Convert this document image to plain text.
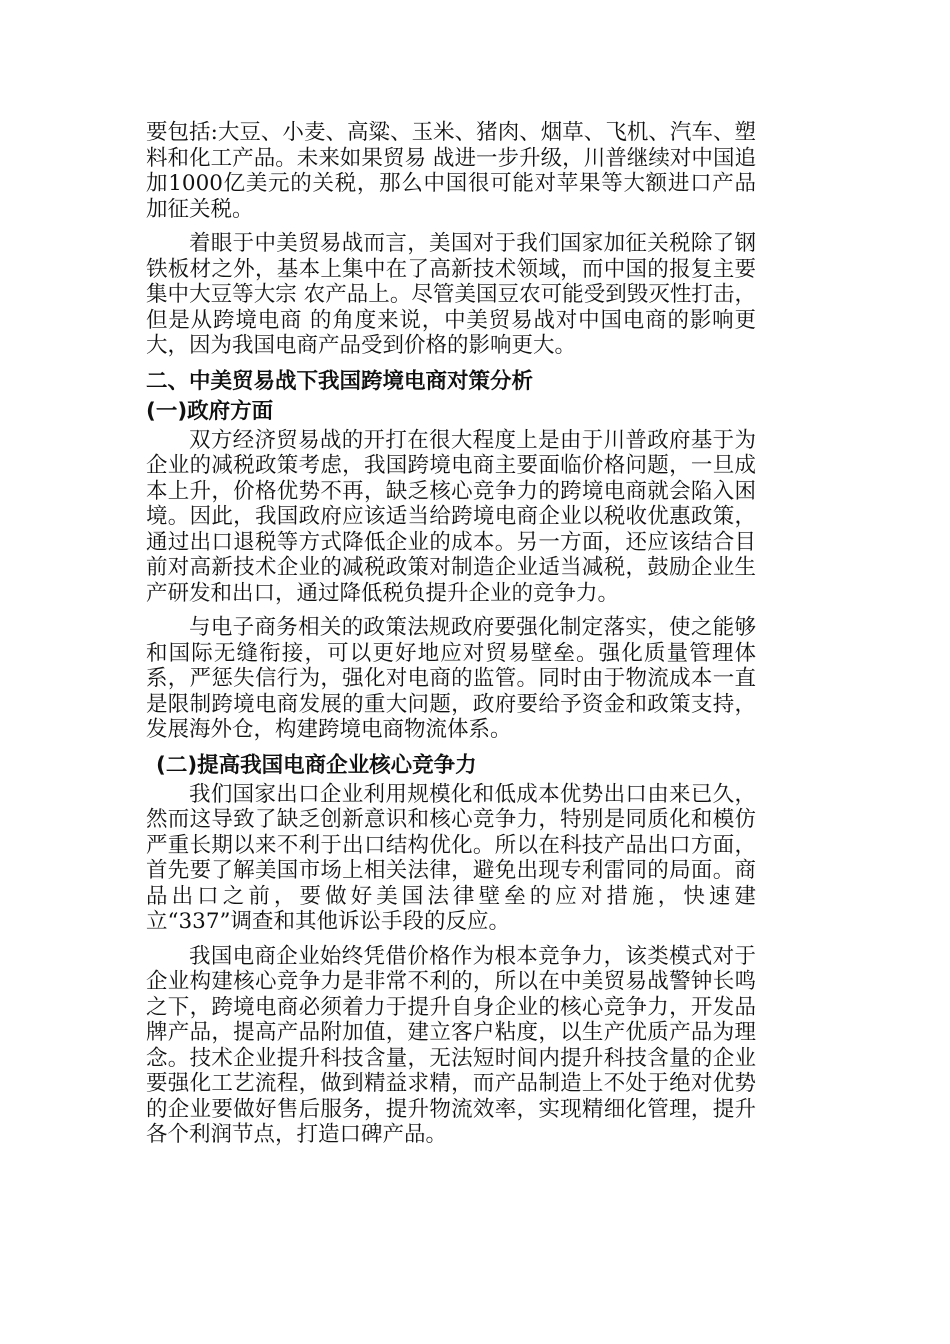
要包括:大豆、小麦、高粱、玉米、猪肉、烟草、飞机、汽车、塑料和化工产品。未来如果贸易 战进一步升级，川普继续对中国追加1000亿美元的关税，那么中国很可能对苹果等大额进口产品加征关税。

着眼于中美贸易战而言，美国对于我们国家加征关税除了钢铁板材之外，基本上集中在了高新技术领域，而中国的报复主要集中大豆等大宗 农产品上。尽管美国豆农可能受到毁灭性打击，但是从跨境电商 的角度来说，中美贸易战对中国电商的影响更大，因为我国电商产品受到价格的影响更大。

二、中美贸易战下我国跨境电商对策分析
(一)政府方面

双方经济贸易战的开打在很大程度上是由于川普政府基于为企业的减税政策考虑，我国跨境电商主要面临价格问题，一旦成本上升，价格优势不再，缺乏核心竞争力的跨境电商就会陷入困境。因此，我国政府应该适当给跨境电商企业以税收优惠政策，通过出口退税等方式降低企业的成本。另一方面，还应该结合目前对高新技术企业的减税政策对制造企业适当减税，鼓励企业生产研发和出口，通过降低税负提升企业的竞争力。

与电子商务相关的政策法规政府要强化制定落实，使之能够和国际无缝衔接，可以更好地应对贸易壁垒。强化质量管理体系，严惩失信行为，强化对电商的监管。同时由于物流成本一直是限制跨境电商发展的重大问题，政府要给予资金和政策支持，发展海外仓，构建跨境电商物流体系。

(二)提高我国电商企业核心竞争力

我们国家出口企业利用规模化和低成本优势出口由来已久，然而这导致了缺乏创新意识和核心竞争力，特别是同质化和模仿严重长期以来不利于出口结构优化。所以在科技产品出口方面，首先要了解美国市场上相关法律，避免出现专利雷同的局面。商品出口之前，要做好美国法律壁垒的应对措施，快速建立“337”调查和其他诉讼手段的反应。

我国电商企业始终凭借价格作为根本竞争力，该类模式对于企业构建核心竞争力是非常不利的，所以在中美贸易战警钟长鸣之下，跨境电商必须着力于提升自身企业的核心竞争力，开发品牌产品，提高产品附加值，建立客户粘度，以生产优质产品为理念。技术企业提升科技含量，无法短时间内提升科技含量的企业要强化工艺流程，做到精益求精，而产品制造上不处于绝对优势的企业要做好售后服务，提升物流效率，实现精细化管理，提升各个利润节点，打造口碑产品。
